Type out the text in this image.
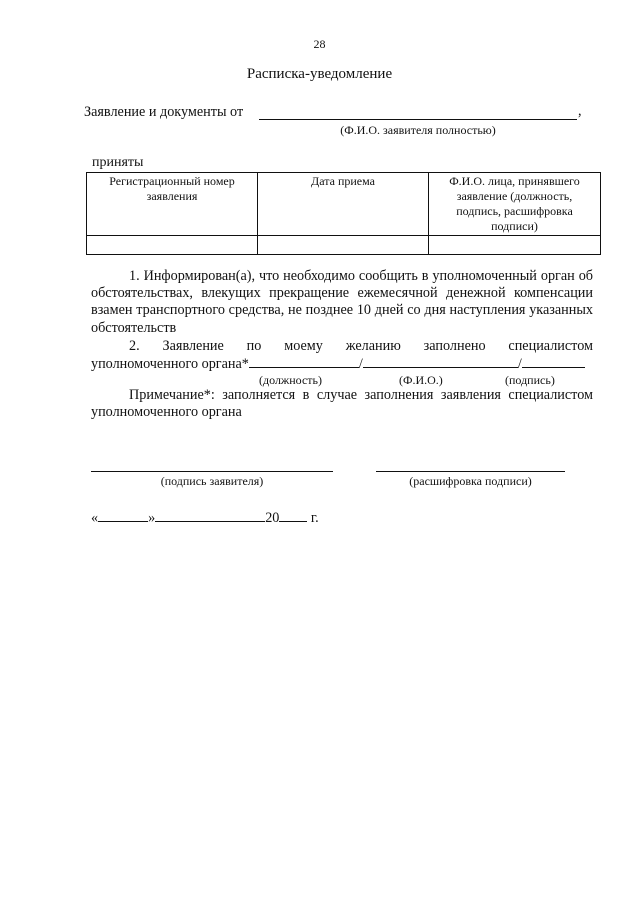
28
Расписка-уведомление
Заявление и документы от	,
(Ф.И.О. заявителя полностью)
приняты
Регистрационный номер заявления	Дата приема	Ф.И.О. лица, принявшего заявление (должность, подпись, расшифровка подписи)

1. Информирован(а), что необходимо сообщить в уполномоченный орган об обстоятельствах, влекущих прекращение ежемесячной денежной компенсации взамен транспортного средства, не позднее 10 дней со дня наступления указанных обстоятельств
2. Заявление по моему желанию заполнено специалистом
уполномоченного органа*	/	/
(должность)	(Ф.И.О.)	(подпись)
Примечание*: заполняется в случае заполнения заявления специалистом уполномоченного органа
(подпись заявителя)	(расшифровка подписи)
«	»	20 г.
